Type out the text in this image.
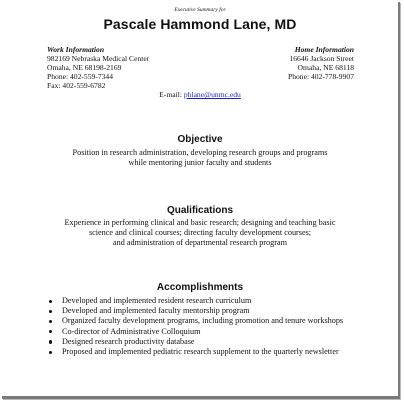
Executive Summary for
Pascale Hammond Lane, MD
Work Information
982169 Nebraska Medical Center
Omaha, NE 68198-2169
Phone: 402-559-7344
Fax: 402-559-6782
Home Information
16646 Jackson Street
Omaha, NE 68118
Phone: 402-778-9907
E-mail: phlane@unmc.edu
Objective
Position in research administration, developing research groups and programs
while mentoring junior faculty and students
Qualifications
Experience in performing clinical and basic research; designing and teaching basic
science and clinical courses; directing faculty development courses;
and administration of departmental research program
Accomplishments
Developed and implemented resident research curriculum
Developed and implemented faculty mentorship program
Organized faculty development programs, including promotion and tenure workshops
Co-director of Administrative Colloquium
Designed research productivity database
Proposed and implemented pediatric research supplement to the quarterly newsletter
